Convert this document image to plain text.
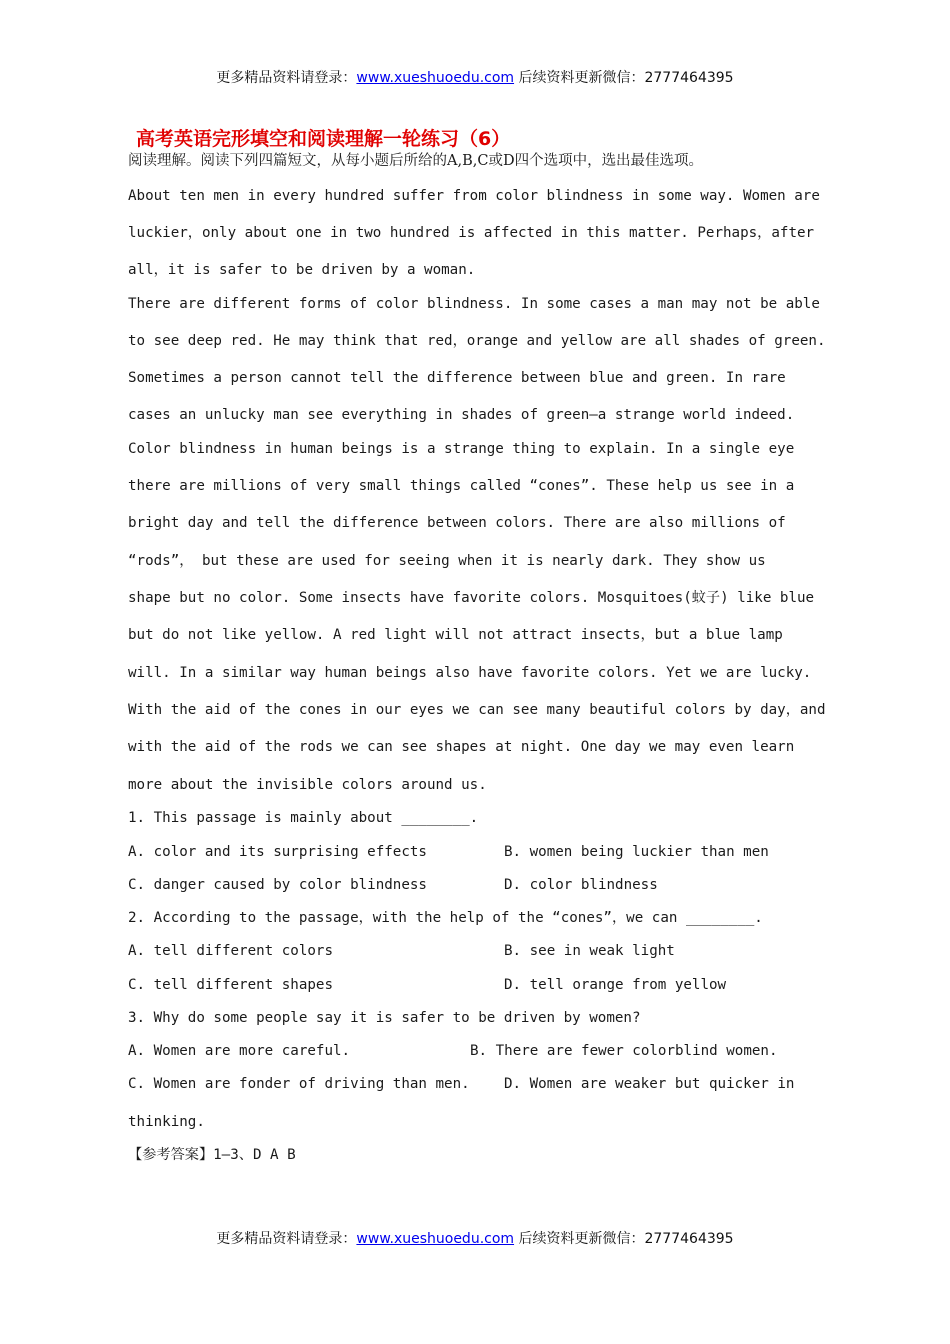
更多精品资料请登录：www.xueshuoedu.com 后续资料更新微信：2777464395
高考英语完形填空和阅读理解一轮练习（6）
阅读理解。阅读下列四篇短文，从每小题后所给的A,B,C或D四个选项中，选出最佳选项。
About ten men in every hundred suffer from color blindness in some way. Women are
luckier，only about one in two hundred is affected in this matter. Perhaps，after
all，it is safer to be driven by a woman.
There are different forms of color blindness. In some cases a man may not be able
to see deep red. He may think that red，orange and yellow are all shades of green.
Sometimes a person cannot tell the difference between blue and green. In rare
cases an unlucky man see everything in shades of green—a strange world indeed.
Color blindness in human beings is a strange thing to explain. In a single eye
there are millions of very small things called “cones”. These help us see in a
bright day and tell the difference between colors. There are also millions of
“rods”， but these are used for seeing when it is nearly dark. They show us
shape but no color. Some insects have favorite colors. Mosquitoes(蚊子) like blue
but do not like yellow. A red light will not attract insects，but a blue lamp
will. In a similar way human beings also have favorite colors. Yet we are lucky.
With the aid of the cones in our eyes we can see many beautiful colors by day，and
with the aid of the rods we can see shapes at night. One day we may even learn
more about the invisible colors around us.
1. This passage is mainly about ________.
A. color and its surprising effects	B. women being luckier than men
C. danger caused by color blindness	D. color blindness
2. According to the passage，with the help of the “cones”，we can ________.
A. tell different colors	B. see in weak light
C. tell different shapes	D. tell orange from yellow
3. Why do some people say it is safer to be driven by women?
A. Women are more careful.	B. There are fewer colorblind women.
C. Women are fonder of driving than men. D. Women are weaker but quicker in
thinking.
【参考答案】1—3、D A B
更多精品资料请登录：www.xueshuoedu.com 后续资料更新微信：2777464395
